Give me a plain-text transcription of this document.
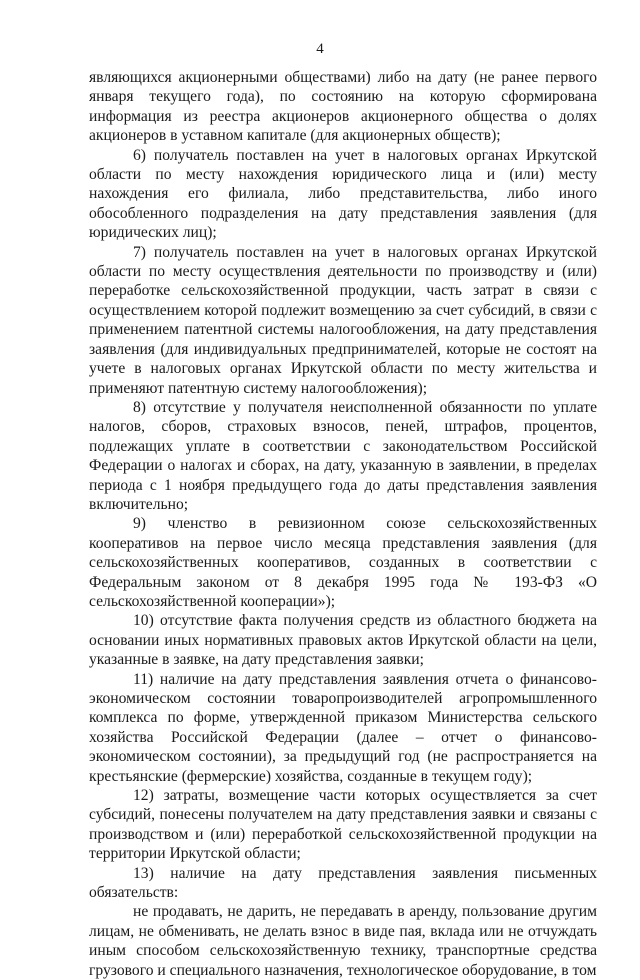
4

являющихся акционерными обществами) либо на дату (не ранее первого января текущего года), по состоянию на которую сформирована информация из реестра акционеров акционерного общества о долях акционеров в уставном капитале (для акционерных обществ);

6) получатель поставлен на учет в налоговых органах Иркутской области по месту нахождения юридического лица и (или) месту нахождения его филиала, либо представительства, либо иного обособленного подразделения на дату представления заявления (для юридических лиц);

7) получатель поставлен на учет в налоговых органах Иркутской области по месту осуществления деятельности по производству и (или) переработке сельскохозяйственной продукции, часть затрат в связи с осуществлением которой подлежит возмещению за счет субсидий, в связи с применением патентной системы налогообложения, на дату представления заявления (для индивидуальных предпринимателей, которые не состоят на учете в налоговых органах Иркутской области по месту жительства и применяют патентную систему налогообложения);

8) отсутствие у получателя неисполненной обязанности по уплате налогов, сборов, страховых взносов, пеней, штрафов, процентов, подлежащих уплате в соответствии с законодательством Российской Федерации о налогах и сборах, на дату, указанную в заявлении, в пределах периода с 1 ноября предыдущего года до даты представления заявления включительно;

9) членство в ревизионном союзе сельскохозяйственных кооперативов на первое число месяца представления заявления (для сельскохозяйственных кооперативов, созданных в соответствии с Федеральным законом от 8 декабря 1995 года № 193-ФЗ «О сельскохозяйственной кооперации»);

10) отсутствие факта получения средств из областного бюджета на основании иных нормативных правовых актов Иркутской области на цели, указанные в заявке, на дату представления заявки;

11) наличие на дату представления заявления отчета о финансово-экономическом состоянии товаропроизводителей агропромышленного комплекса по форме, утвержденной приказом Министерства сельского хозяйства Российской Федерации (далее – отчет о финансово-экономическом состоянии), за предыдущий год (не распространяется на крестьянские (фермерские) хозяйства, созданные в текущем году);

12) затраты, возмещение части которых осуществляется за счет субсидий, понесены получателем на дату представления заявки и связаны с производством и (или) переработкой сельскохозяйственной продукции на территории Иркутской области;

13) наличие на дату представления заявления письменных обязательств:

не продавать, не дарить, не передавать в аренду, пользование другим лицам, не обменивать, не делать взнос в виде пая, вклада или не отчуждать иным способом сельскохозяйственную технику, транспортные средства грузового и специального назначения, технологическое оборудование, в том
